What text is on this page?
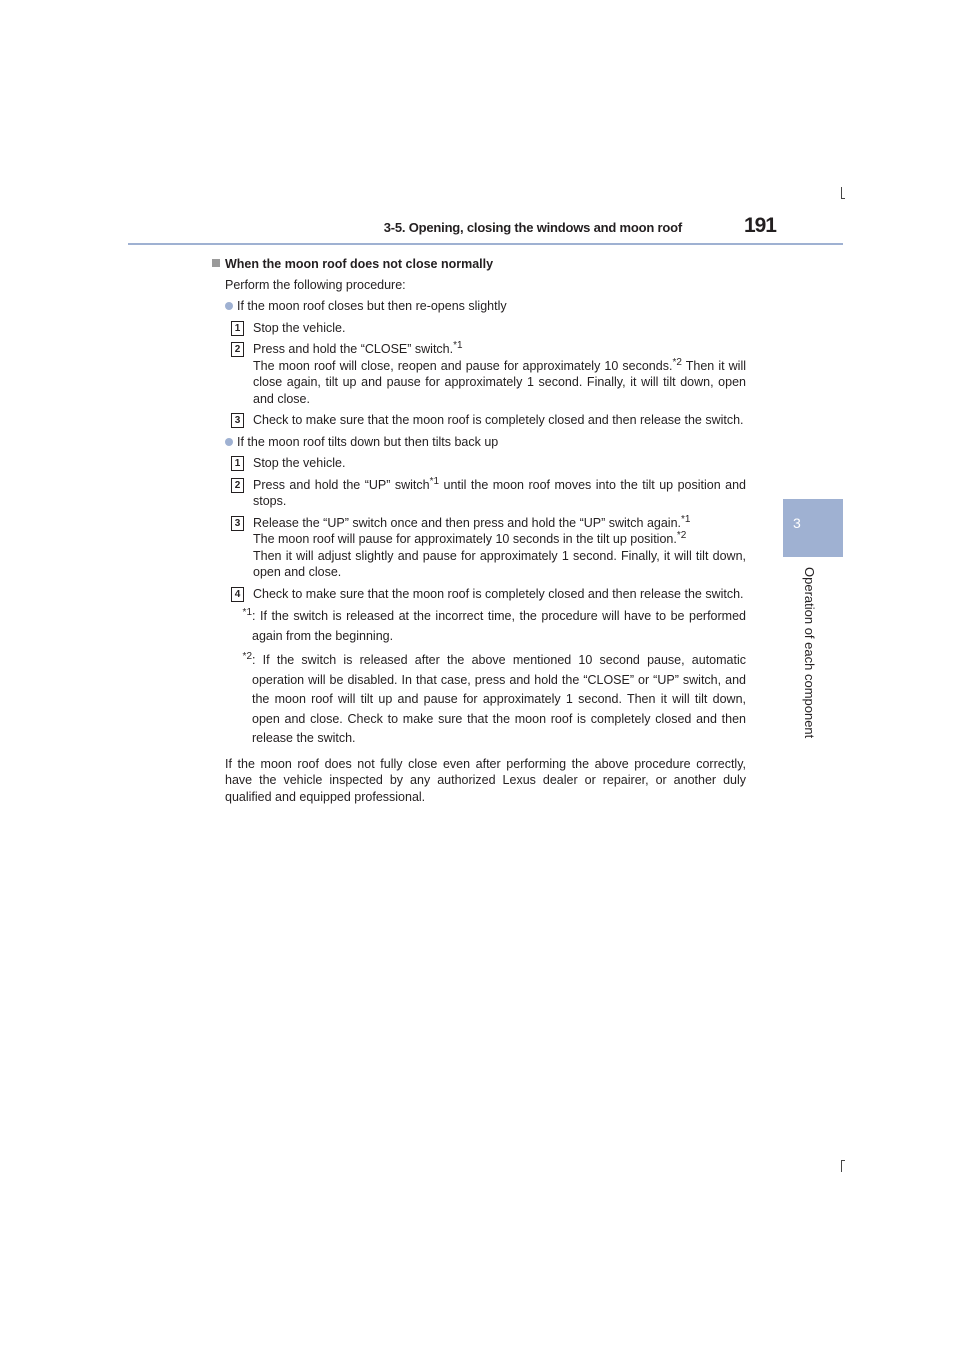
3-5. Opening, closing the windows and moon roof	191
3
Operation of each component

When the moon roof does not close normally

Perform the following procedure:
If the moon roof closes but then re-opens slightly
1 Stop the vehicle.
2 Press and hold the “CLOSE” switch.$^{*1}$
The moon roof will close, reopen and pause for approximately 10 seconds.$^{*2}$ Then it will close again, tilt up and pause for approximately 1 second. Finally, it will tilt down, open and close.
3 Check to make sure that the moon roof is completely closed and then release the switch.
If the moon roof tilts down but then tilts back up
1 Stop the vehicle.
2 Press and hold the “UP” switch$^{*1}$ until the moon roof moves into the tilt up position and stops.
3 Release the “UP” switch once and then press and hold the “UP” switch again.$^{*1}$
The moon roof will pause for approximately 10 seconds in the tilt up position.$^{*2}$
Then it will adjust slightly and pause for approximately 1 second. Finally, it will tilt down, open and close.
4 Check to make sure that the moon roof is completely closed and then release the switch.
$^{*1}$ : If the switch is released at the incorrect time, the procedure will have to be performed again from the beginning.
$^{*2}$ : If the switch is released after the above mentioned 10 second pause, automatic operation will be disabled. In that case, press and hold the “CLOSE” or “UP” switch, and the moon roof will tilt up and pause for approximately 1 second. Then it will tilt down, open and close. Check to make sure that the moon roof is completely closed and then release the switch.
If the moon roof does not fully close even after performing the above procedure correctly, have the vehicle inspected by any authorized Lexus dealer or repairer, or another duly qualified and equipped professional.
